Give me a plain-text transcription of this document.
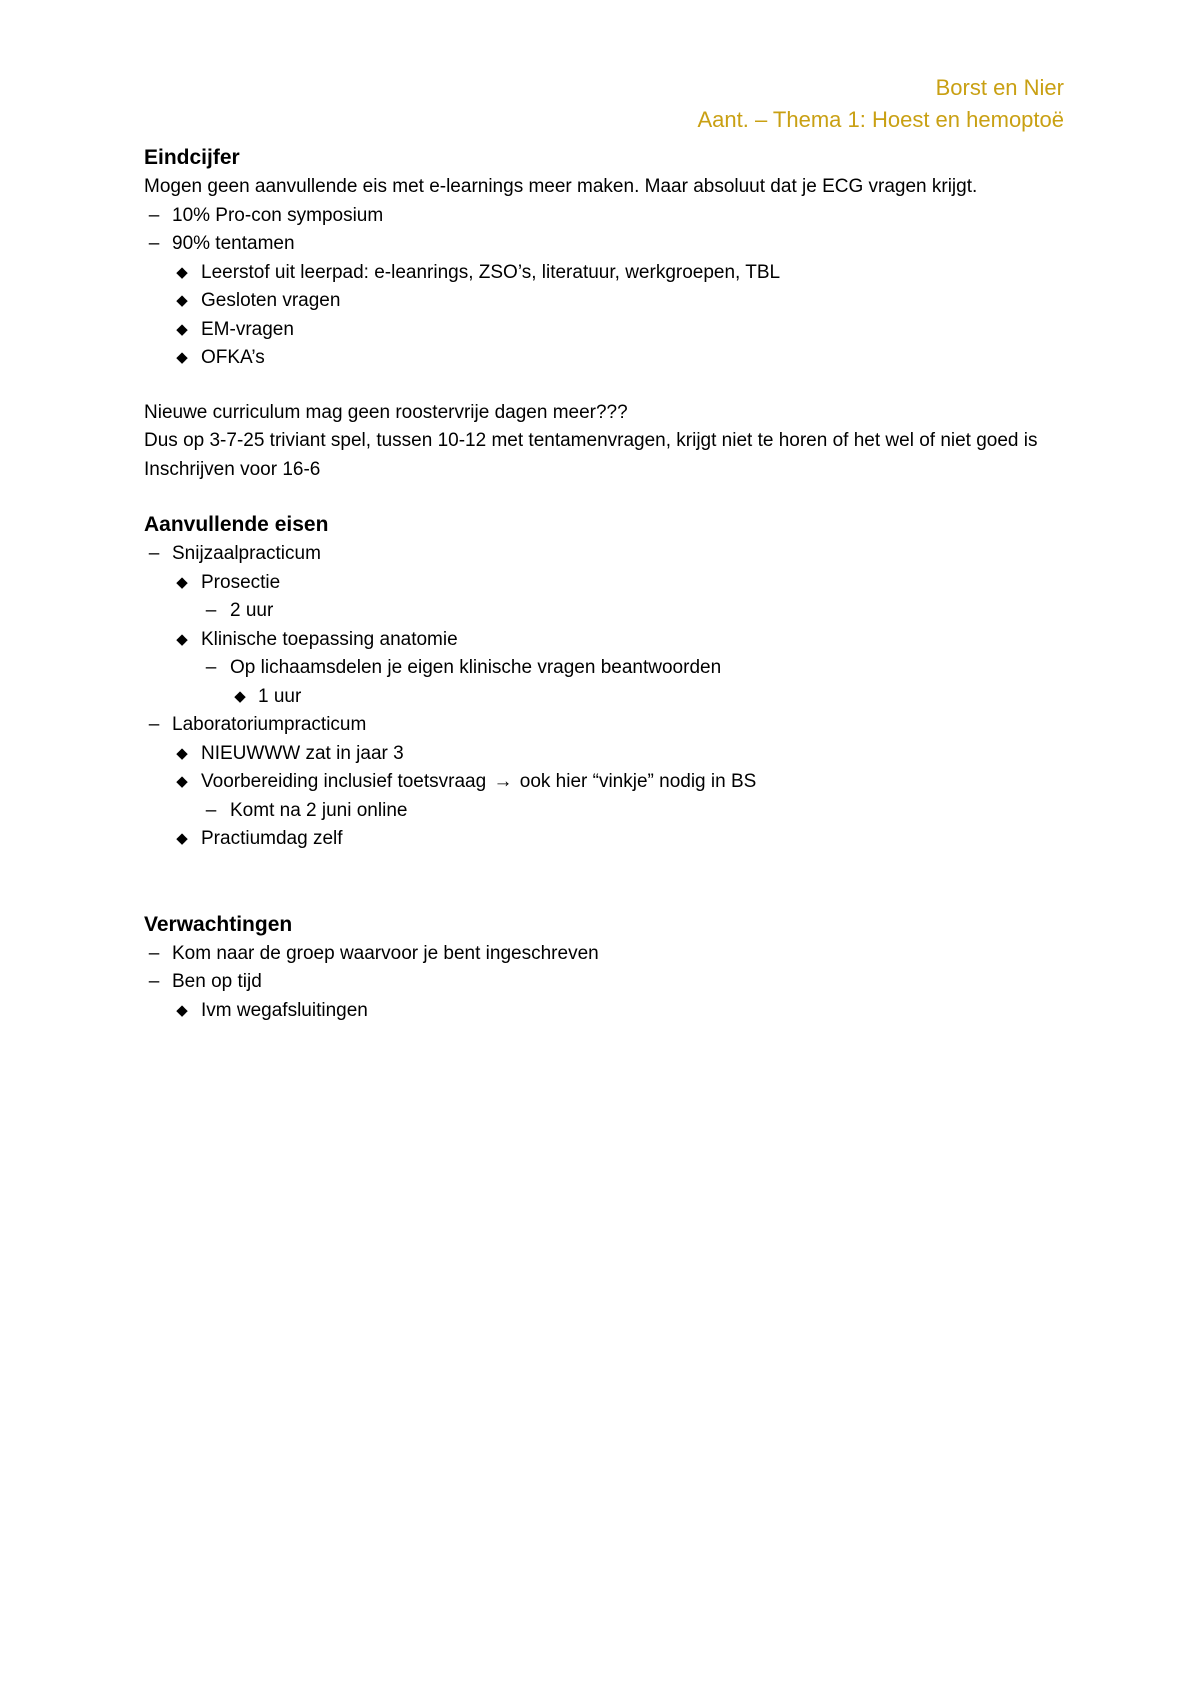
Borst en Nier
Aant. – Thema 1: Hoest en hemoptoë
Eindcijfer

Mogen geen aanvullende eis met e-learnings meer maken. Maar absoluut dat je ECG vragen krijgt.

– 10% Pro-con symposium
– 90% tentamen
◆ Leerstof uit leerpad: e-leanrings, ZSO’s, literatuur, werkgroepen, TBL
◆ Gesloten vragen
◆ EM-vragen
◆ OFKA’s

Nieuwe curriculum mag geen roostervrije dagen meer???

Dus op 3-7-25 triviant spel, tussen 10-12 met tentamenvragen, krijgt niet te horen of het wel of niet goed is

Inschrijven voor 16-6

Aanvullende eisen
– Snijzaalpracticum
◆ Prosectie
– 2 uur
◆ Klinische toepassing anatomie
– Op lichaamsdelen je eigen klinische vragen beantwoorden
◆ 1 uur
– Laboratoriumpracticum
◆ NIEUWWW zat in jaar 3
◆ Voorbereiding inclusief toetsvraag → ook hier “vinkje” nodig in BS
– Komt na 2 juni online
◆ Practiumdag zelf
Verwachtingen
– Kom naar de groep waarvoor je bent ingeschreven
– Ben op tijd
◆ Ivm wegafsluitingen
